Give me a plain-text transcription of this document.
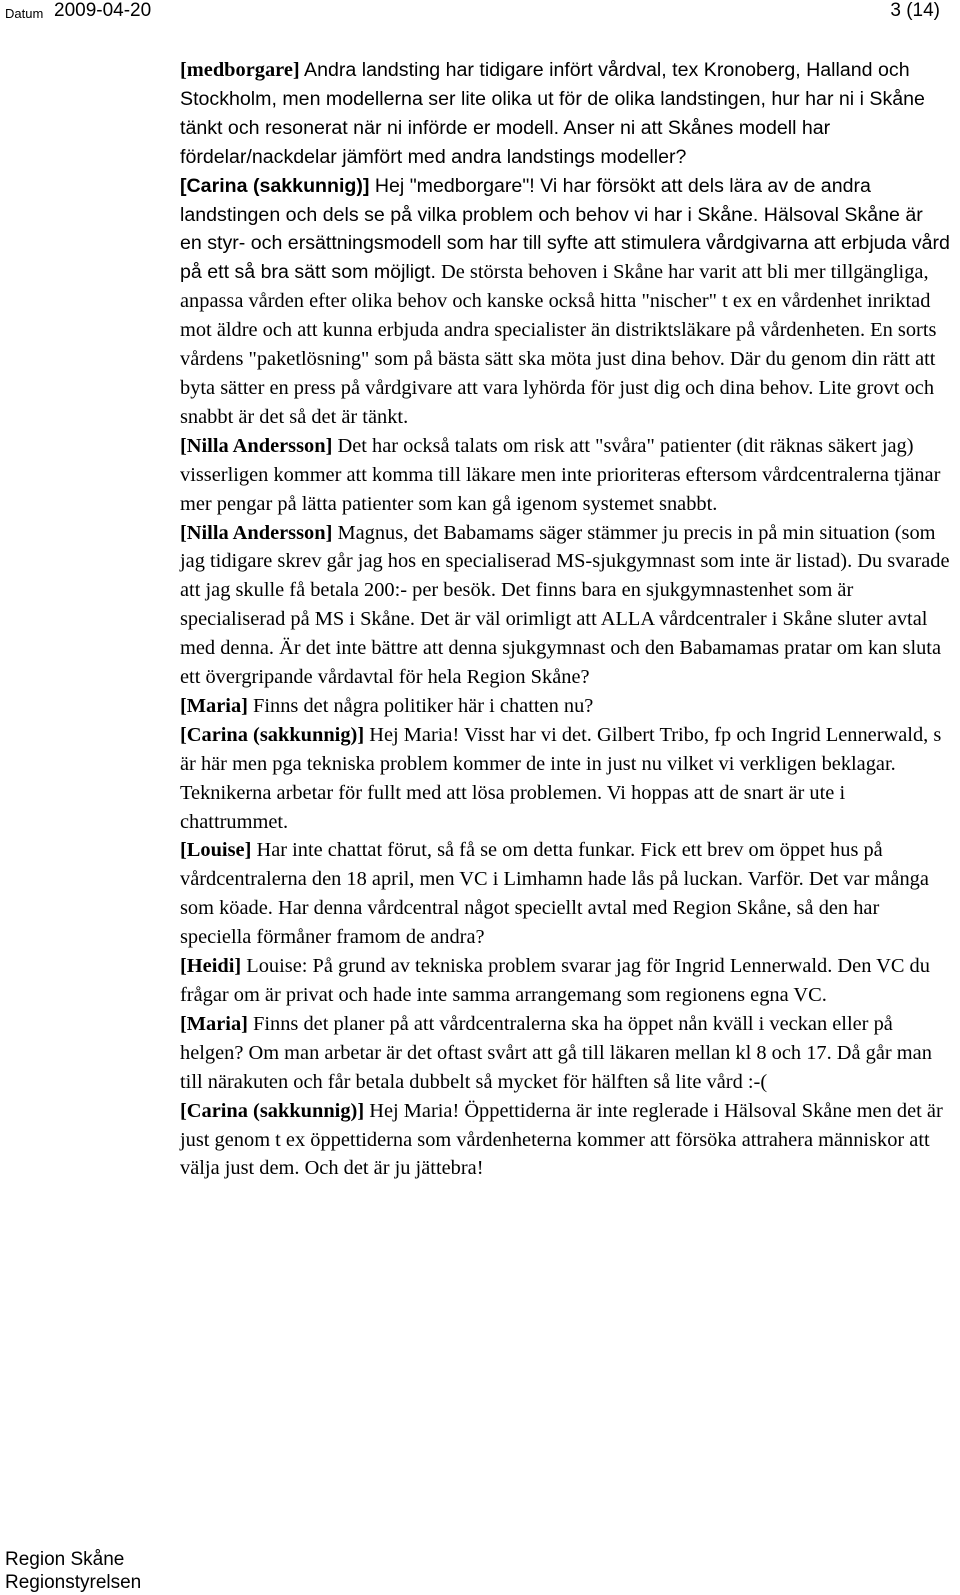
Datum 2009-04-20	3 (14)

[medborgare] Andra landsting har tidigare infört vårdval, tex Kronoberg, Halland och Stockholm, men modellerna ser lite olika ut för de olika landstingen, hur har ni i Skåne tänkt och resonerat när ni införde er modell. Anser ni att Skånes modell har fördelar/nackdelar jämfört med andra landstings modeller?

[Carina (sakkunnig)] Hej "medborgare"! Vi har försökt att dels lära av de andra landstingen och dels se på vilka problem och behov vi har i Skåne. Hälsoval Skåne är en styr- och ersättningsmodell som har till syfte att stimulera vårdgivarna att erbjuda vård på ett så bra sätt som möjligt. De största behoven i Skåne har varit att bli mer tillgängliga, anpassa vården efter olika behov och kanske också hitta "nischer" t ex en vårdenhet inriktad mot äldre och att kunna erbjuda andra specialister än distriktsläkare på vårdenheten. En sorts vårdens "paketlösning" som på bästa sätt ska möta just dina behov. Där du genom din rätt att byta sätter en press på vårdgivare att vara lyhörda för just dig och dina behov. Lite grovt och snabbt är det så det är tänkt.

[Nilla Andersson] Det har också talats om risk att "svåra" patienter (dit räknas säkert jag) visserligen kommer att komma till läkare men inte prioriteras eftersom vårdcentralerna tjänar mer pengar på lätta patienter som kan gå igenom systemet snabbt.

[Nilla Andersson] Magnus, det Babamams säger stämmer ju precis in på min situation (som jag tidigare skrev går jag hos en specialiserad MS-sjukgymnast som inte är listad). Du svarade att jag skulle få betala 200:- per besök. Det finns bara en sjukgymnastenhet som är specialiserad på MS i Skåne. Det är väl orimligt att ALLA vårdcentraler i Skåne sluter avtal med denna. Är det inte bättre att denna sjukgymnast och den Babamamas pratar om kan sluta ett övergripande vårdavtal för hela Region Skåne?

[Maria] Finns det några politiker här i chatten nu?

[Carina (sakkunnig)] Hej Maria! Visst har vi det. Gilbert Tribo, fp och Ingrid Lennerwald, s är här men pga tekniska problem kommer de inte in just nu vilket vi verkligen beklagar. Teknikerna arbetar för fullt med att lösa problemen. Vi hoppas att de snart är ute i chattrummet.

[Louise] Har inte chattat förut, så få se om detta funkar. Fick ett brev om öppet hus på vårdcentralerna den 18 april, men VC i Limhamn hade lås på luckan. Varför. Det var många som köade. Har denna vårdcentral något speciellt avtal med Region Skåne, så den har speciella förmåner framom de andra?

[Heidi] Louise: På grund av tekniska problem svarar jag för Ingrid Lennerwald. Den VC du frågar om är privat och hade inte samma arrangemang som regionens egna VC.

[Maria] Finns det planer på att vårdcentralerna ska ha öppet nån kväll i veckan eller på helgen? Om man arbetar är det oftast svårt att gå till läkaren mellan kl 8 och 17. Då går man till närakuten och får betala dubbelt så mycket för hälften så lite vård :-(

[Carina (sakkunnig)] Hej Maria! Öppettiderna är inte reglerade i Hälsoval Skåne men det är just genom t ex öppettiderna som vårdenheterna kommer att försöka attrahera människor att välja just dem. Och det är ju jättebra!

Region Skåne
Regionstyrelsen
